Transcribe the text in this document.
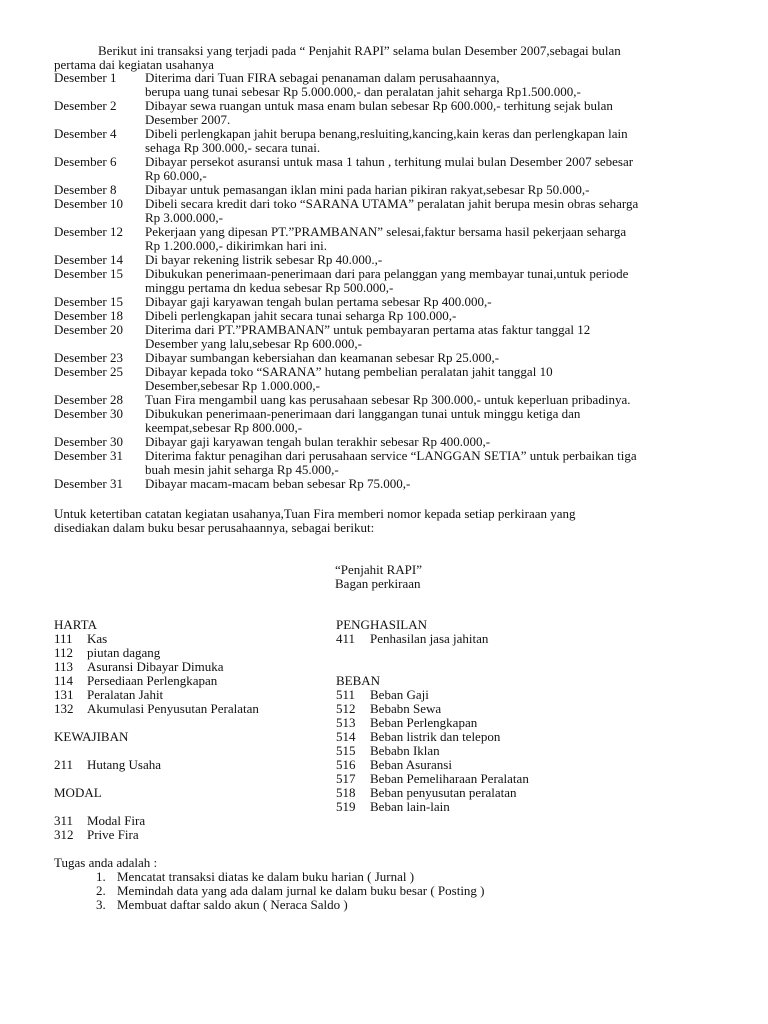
Berikut ini transaksi yang terjadi pada “ Penjahit RAPI” selama bulan Desember 2007,sebagai bulan
pertama dai kegiatan usahanya
Desember 1	Diterima dari Tuan FIRA sebagai penanaman dalam perusahaannya,
berupa uang tunai sebesar Rp 5.000.000,- dan peralatan jahit seharga Rp1.500.000,-
Desember 2	Dibayar sewa ruangan untuk masa enam bulan sebesar Rp 600.000,- terhitung sejak bulan
Desember 2007.
Desember 4	Dibeli perlengkapan jahit berupa benang,resluiting,kancing,kain keras dan perlengkapan lain
sehaga Rp 300.000,- secara tunai.
Desember 6	Dibayar persekot asuransi untuk masa 1 tahun , terhitung mulai bulan Desember 2007 sebesar
Rp 60.000,-
Desember 8	Dibayar untuk pemasangan iklan mini pada harian pikiran rakyat,sebesar Rp 50.000,-
Desember 10	Dibeli secara kredit dari toko “SARANA UTAMA” peralatan jahit berupa mesin obras seharga
Rp 3.000.000,-
Desember 12	Pekerjaan yang dipesan PT.”PRAMBANAN” selesai,faktur bersama hasil pekerjaan seharga
Rp 1.200.000,- dikirimkan hari ini.
Desember 14	Di bayar rekening listrik sebesar Rp 40.000.,-
Desember 15	Dibukukan penerimaan-penerimaan dari para pelanggan yang membayar tunai,untuk periode
minggu pertama dn kedua sebesar Rp 500.000,-
Desember 15	Dibayar gaji karyawan tengah bulan pertama sebesar Rp 400.000,-
Desember 18	Dibeli perlengkapan jahit secara tunai seharga Rp 100.000,-
Desember 20	Diterima dari PT.”PRAMBANAN” untuk pembayaran pertama atas faktur tanggal 12
Desember yang lalu,sebesar Rp 600.000,-
Desember 23	Dibayar sumbangan kebersiahan dan keamanan sebesar Rp 25.000,-
Desember 25	Dibayar kepada toko “SARANA” hutang pembelian peralatan jahit tanggal 10
Desember,sebesar Rp 1.000.000,-
Desember 28	Tuan Fira mengambil uang kas perusahaan sebesar Rp 300.000,- untuk keperluan pribadinya.
Desember 30	Dibukukan penerimaan-penerimaan dari langgangan tunai untuk minggu ketiga dan
keempat,sebesar Rp 800.000,-
Desember 30	Dibayar gaji karyawan tengah bulan terakhir sebesar Rp 400.000,-
Desember 31	Diterima faktur penagihan dari perusahaan service “LANGGAN SETIA” untuk perbaikan tiga
buah mesin jahit seharga Rp 45.000,-
Desember 31	Dibayar macam-macam beban sebesar Rp 75.000,-
Untuk ketertiban catatan kegiatan usahanya,Tuan Fira memberi nomor kepada setiap perkiraan yang
disediakan dalam buku besar perusahaannya, sebagai berikut:
“Penjahit RAPI”
Bagan perkiraan
HARTA
111	Kas
112	piutan dagang
113	Asuransi Dibayar Dimuka
114	Persediaan Perlengkapan
131	Peralatan Jahit
132	Akumulasi Penyusutan Peralatan
KEWAJIBAN
211	Hutang Usaha
MODAL
311	Modal Fira
312	Prive Fira
PENGHASILAN
411	Penhasilan jasa jahitan
BEBAN
511	Beban Gaji
512	Bebabn Sewa
513	Beban Perlengkapan
514	Beban listrik dan telepon
515	Bebabn Iklan
516	Beban Asuransi
517	Beban Pemeliharaan Peralatan
518	Beban penyusutan peralatan
519	Beban lain-lain
Tugas anda adalah :
1. Mencatat transaksi diatas ke dalam buku harian ( Jurnal )
2. Memindah data yang ada dalam jurnal ke dalam buku besar ( Posting )
3. Membuat daftar saldo akun ( Neraca Saldo )
